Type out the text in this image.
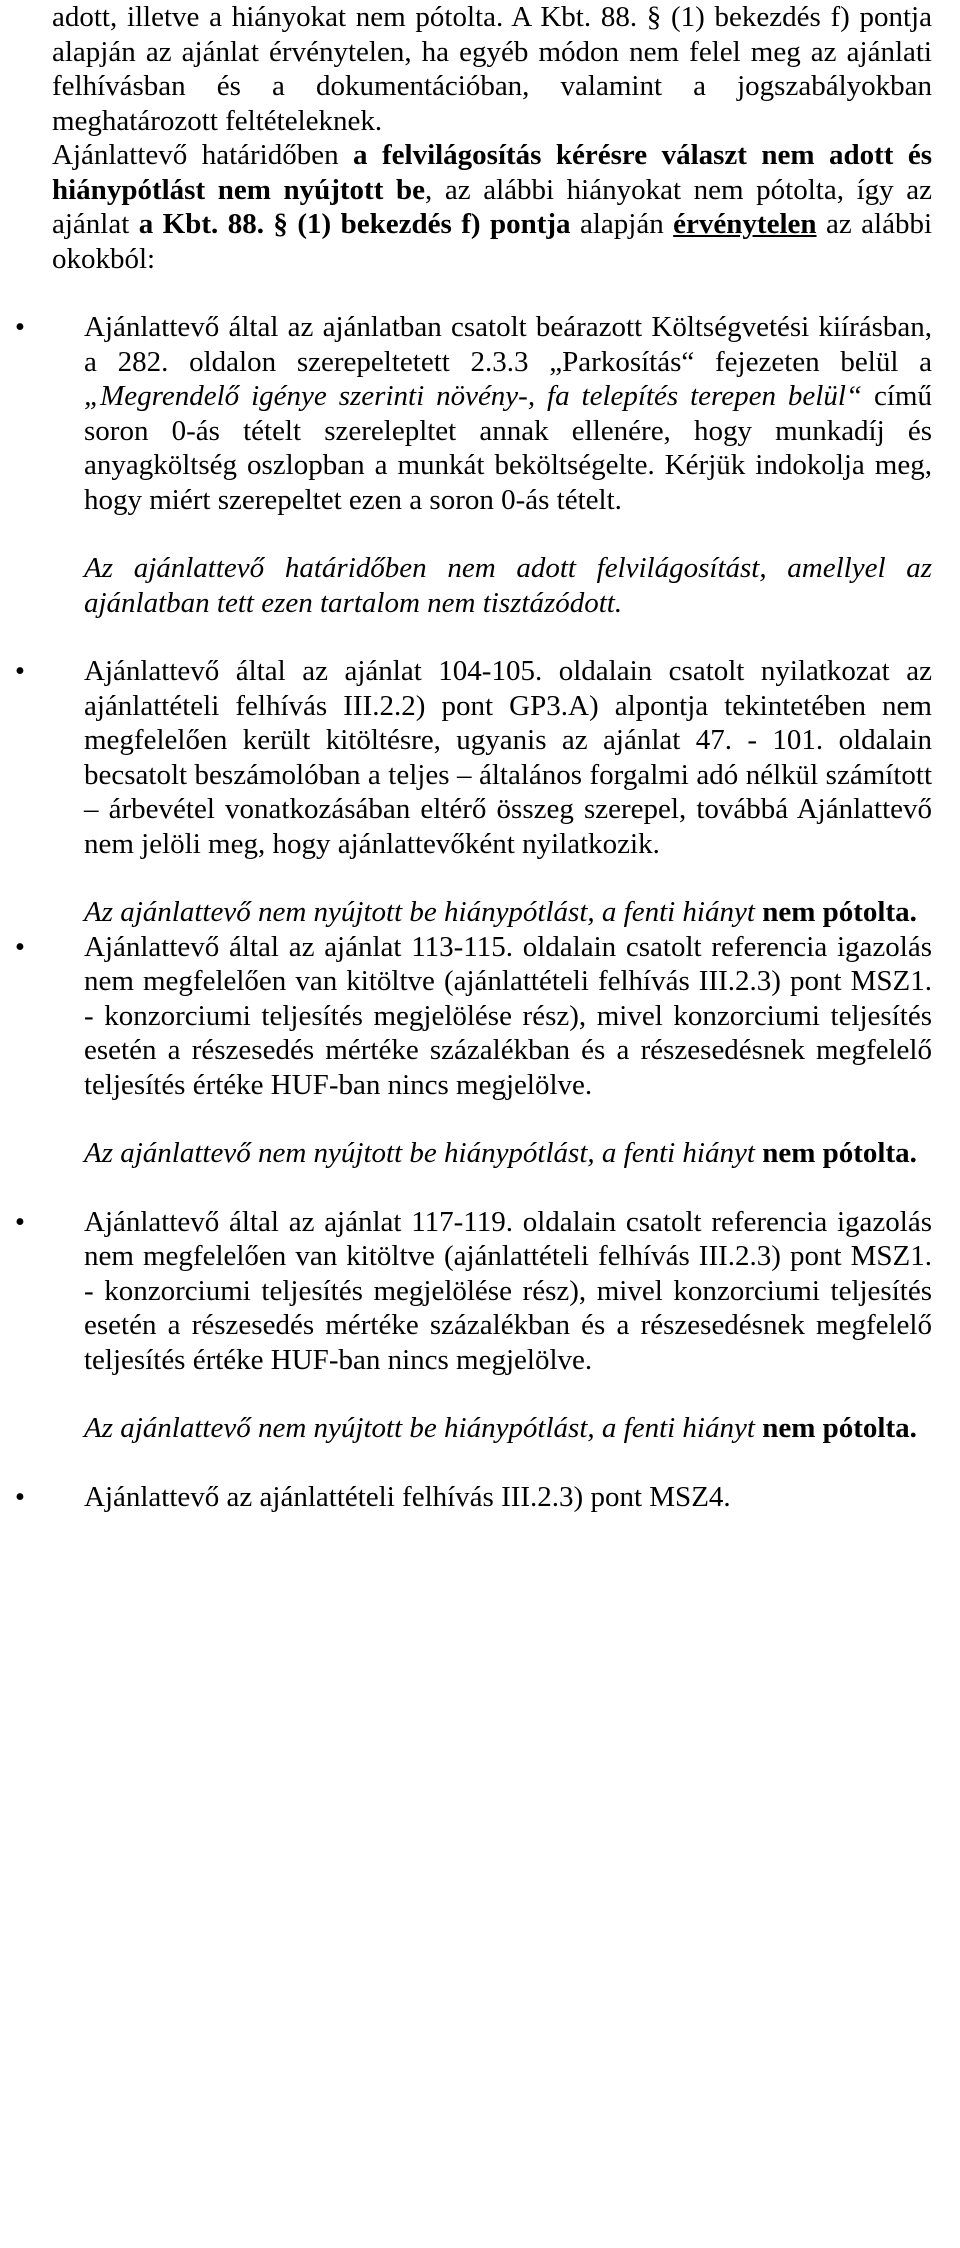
adott, illetve a hiányokat nem pótolta. A Kbt. 88. § (1) bekezdés f) pontja alapján az ajánlat érvénytelen, ha egyéb módon nem felel meg az ajánlati felhívásban és a dokumentációban, valamint a jogszabályokban meghatározott feltételeknek.

Ajánlattevő határidőben a felvilágosítás kérésre választ nem adott és hiánypótlást nem nyújtott be, az alábbi hiányokat nem pótolta, így az ajánlat a Kbt. 88. § (1) bekezdés f) pontja alapján érvénytelen az alábbi okokból:

• Ajánlattevő által az ajánlatban csatolt beárazott Költségvetési kiírásban, a 282. oldalon szerepeltetett 2.3.3 „Parkosítás“ fejezeten belül a „Megrendelő igénye szerinti növény-, fa telepítés terepen belül“ című soron 0-ás tételt szerelepltet annak ellenére, hogy munkadíj és anyagköltség oszlopban a munkát beköltségelte. Kérjük indokolja meg, hogy miért szerepeltet ezen a soron 0-ás tételt.

Az ajánlattevő határidőben nem adott felvilágosítást, amellyel az ajánlatban tett ezen tartalom nem tisztázódott.

• Ajánlattevő által az ajánlat 104-105. oldalain csatolt nyilatkozat az ajánlattételi felhívás III.2.2) pont GP3.A) alpontja tekintetében nem megfelelően került kitöltésre, ugyanis az ajánlat 47. - 101. oldalain becsatolt beszámolóban a teljes – általános forgalmi adó nélkül számított – árbevétel vonatkozásában eltérő összeg szerepel, továbbá Ajánlattevő nem jelöli meg, hogy ajánlattevőként nyilatkozik.

Az ajánlattevő nem nyújtott be hiánypótlást, a fenti hiányt nem pótolta.

• Ajánlattevő által az ajánlat 113-115. oldalain csatolt referencia igazolás nem megfelelően van kitöltve (ajánlattételi felhívás III.2.3) pont MSZ1. - konzorciumi teljesítés megjelölése rész), mivel konzorciumi teljesítés esetén a részesedés mértéke százalékban és a részesedésnek megfelelő teljesítés értéke HUF-ban nincs megjelölve.

Az ajánlattevő nem nyújtott be hiánypótlást, a fenti hiányt nem pótolta.

• Ajánlattevő által az ajánlat 117-119. oldalain csatolt referencia igazolás nem megfelelően van kitöltve (ajánlattételi felhívás III.2.3) pont MSZ1. - konzorciumi teljesítés megjelölése rész), mivel konzorciumi teljesítés esetén a részesedés mértéke százalékban és a részesedésnek megfelelő teljesítés értéke HUF-ban nincs megjelölve.

Az ajánlattevő nem nyújtott be hiánypótlást, a fenti hiányt nem pótolta.

• Ajánlattevő az ajánlattételi felhívás III.2.3) pont MSZ4.
